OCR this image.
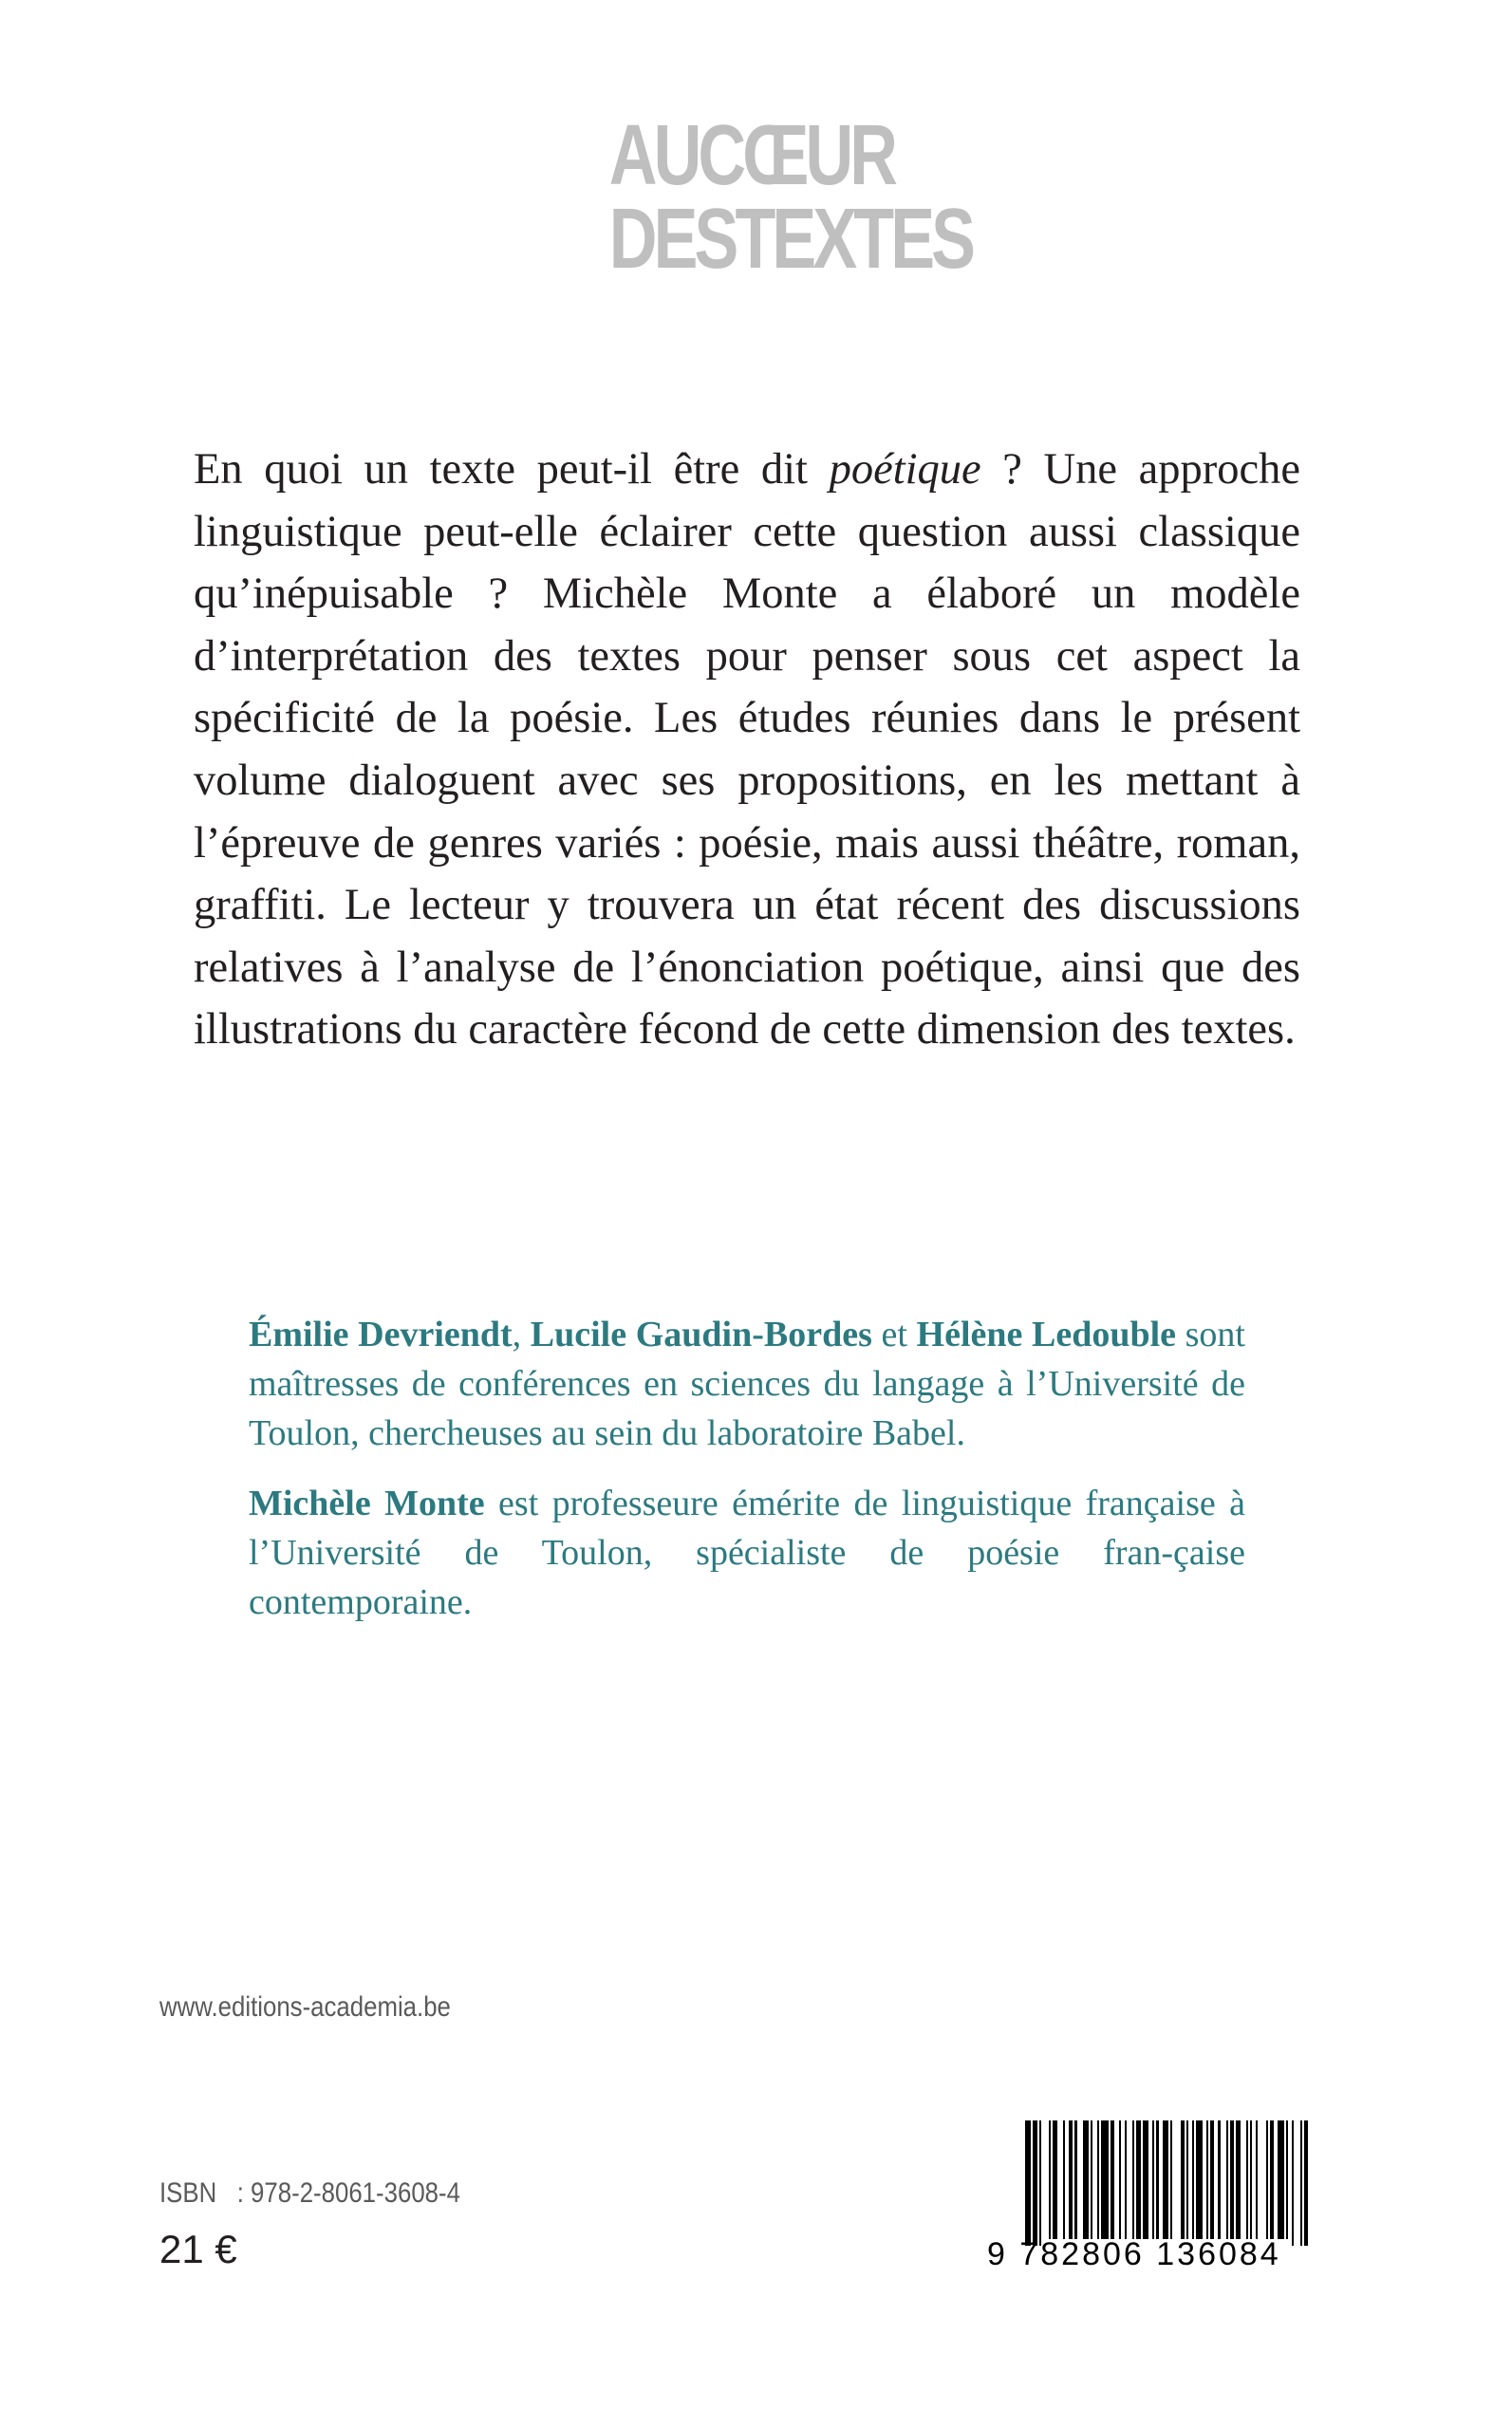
AUCŒUR
DESTEXTES

En quoi un texte peut-il être dit poétique ? Une approche linguistique peut-elle éclairer cette question aussi classique qu’inépuisable ? Michèle Monte a élaboré un modèle d’interprétation des textes pour penser sous cet aspect la spécificité de la poésie. Les études réunies dans le présent volume dialoguent avec ses propositions, en les mettant à l’épreuve de genres variés : poésie, mais aussi théâtre, roman, graffiti. Le lecteur y trouvera un état récent des discussions relatives à l’analyse de l’énonciation poétique, ainsi que des illustrations du caractère fécond de cette dimension des textes.

Émilie Devriendt, Lucile Gaudin-Bordes et Hélène Ledouble sont maîtresses de conférences en sciences du langage à l’Université de Toulon, chercheuses au sein du laboratoire Babel.

Michèle Monte est professeure émérite de linguistique française à l’Université de Toulon, spécialiste de poésie fran-çaise contemporaine.

www.editions-academia.be
ISBN   : 978-2-8061-3608-4
21 €	9 782806 136084
